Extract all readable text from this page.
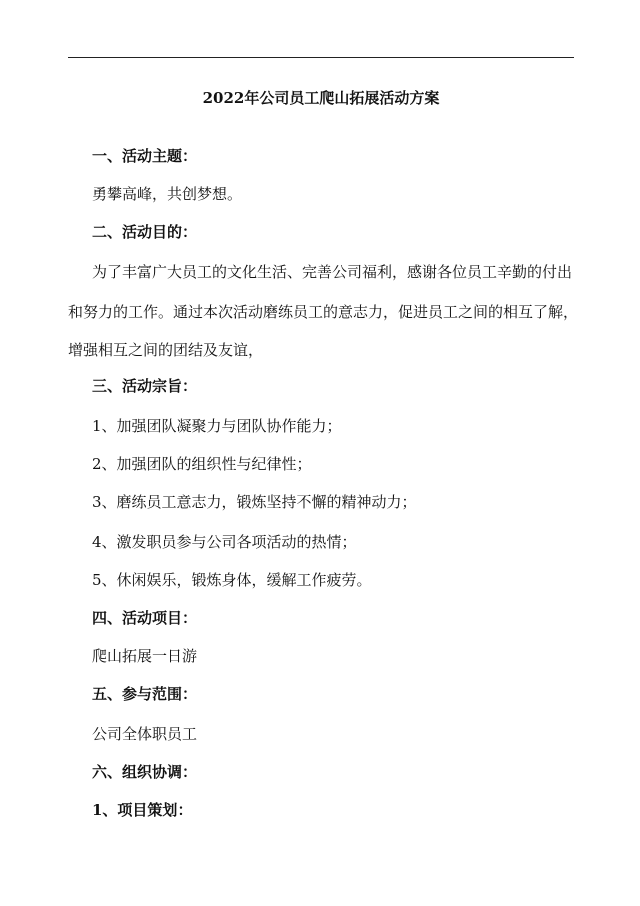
2022年公司员工爬山拓展活动方案
一、活动主题：
勇攀高峰，共创梦想。
二、活动目的：
为了丰富广大员工的文化生活、完善公司福利，感谢各位员工辛勤的付出
和努力的工作。通过本次活动磨练员工的意志力，促进员工之间的相互了解，
增强相互之间的团结及友谊，
三、活动宗旨：
1、加强团队凝聚力与团队协作能力；
2、加强团队的组织性与纪律性；
3、磨练员工意志力，锻炼坚持不懈的精神动力；
4、激发职员参与公司各项活动的热情；
5、休闲娱乐，锻炼身体，缓解工作疲劳。
四、活动项目：
爬山拓展一日游
五、参与范围：
公司全体职员工
六、组织协调：
1、项目策划：
